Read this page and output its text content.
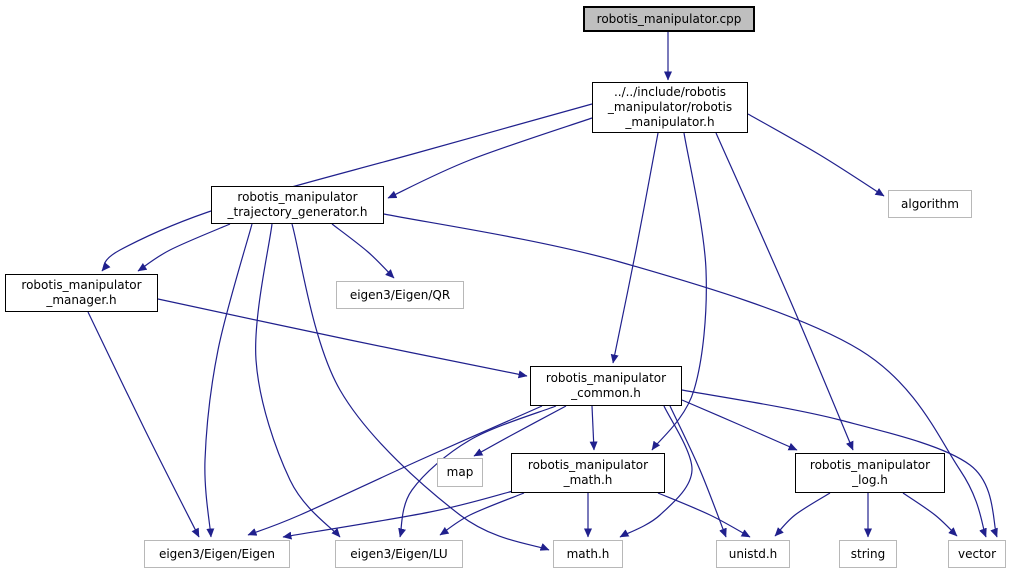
robotis_manipulator.cpp
../../include/robotis
_manipulator/robotis
_manipulator.h
robotis_manipulator
_trajectory_generator.h
algorithm
robotis_manipulator
_manager.h	eigen3/Eigen/QR
robotis_manipulator
_common.h
map	robotis_manipulator
_math.h
robotis_manipulator
_log.h
eigen3/Eigen/Eigen	eigen3/Eigen/LU	math.h	unistd.h	string	vector
